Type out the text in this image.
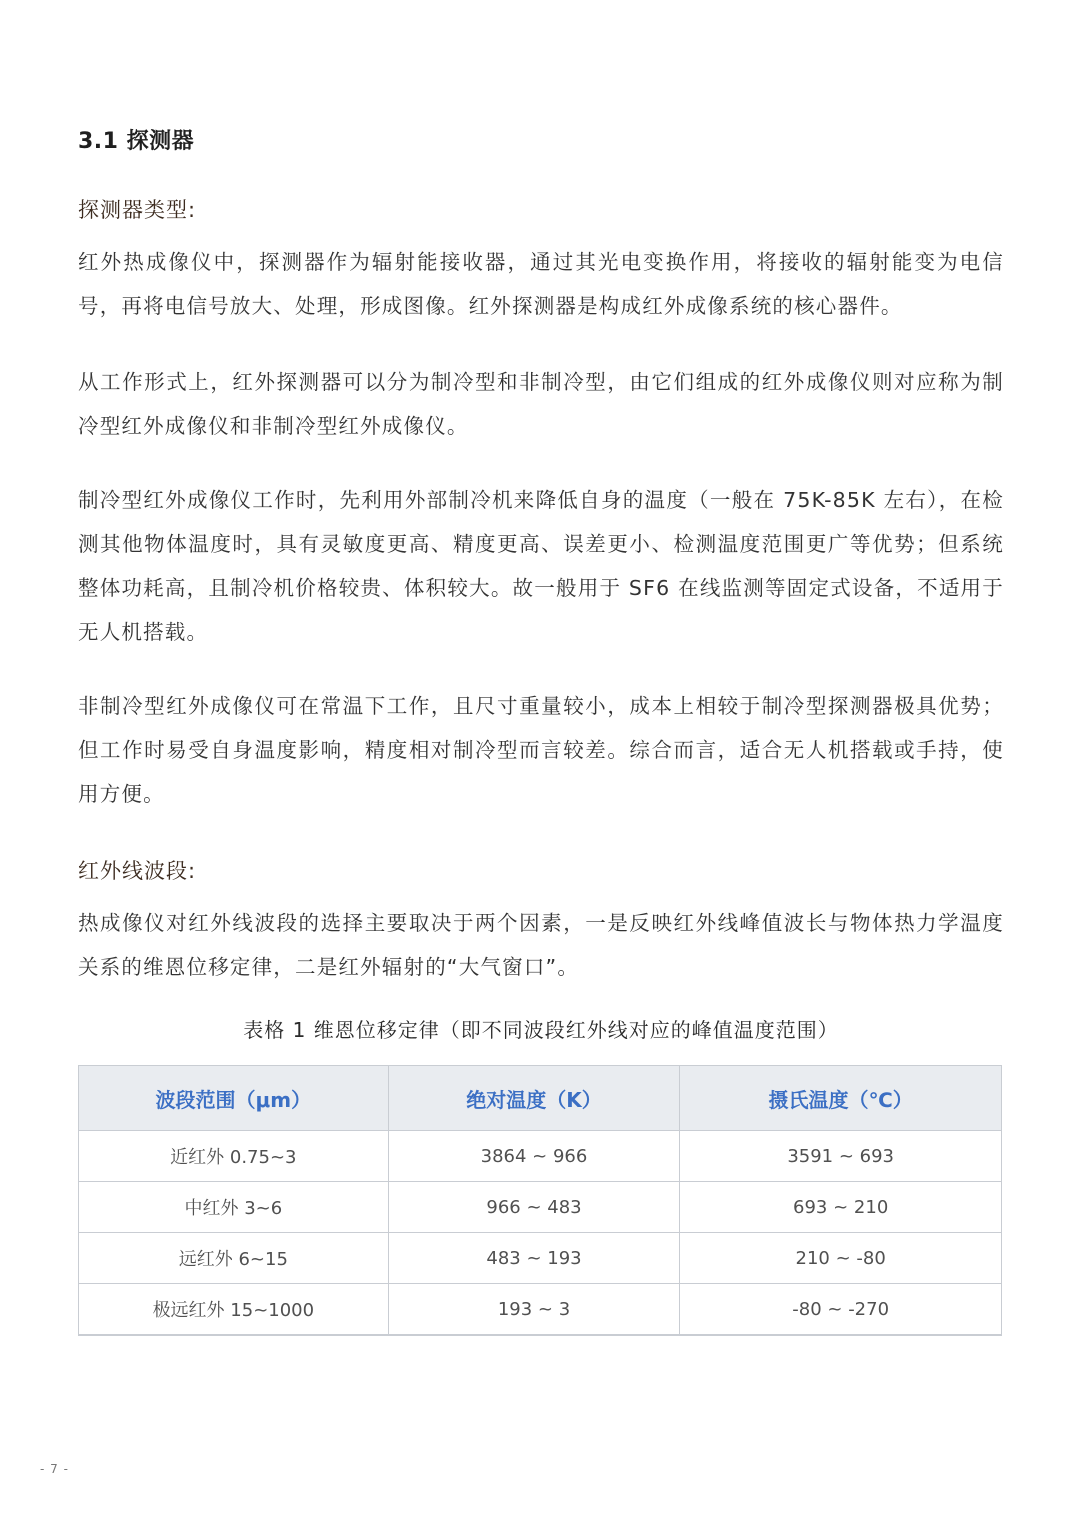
3.1 探测器
探测器类型:

红外热成像仪中，探测器作为辐射能接收器，通过其光电变换作用，将接收的辐射能变为电信号，再将电信号放大、处理，形成图像。红外探测器是构成红外成像系统的核心器件。

从工作形式上，红外探测器可以分为制冷型和非制冷型，由它们组成的红外成像仪则对应称为制冷型红外成像仪和非制冷型红外成像仪。

制冷型红外成像仪工作时，先利用外部制冷机来降低自身的温度（一般在 75K-85K 左右），在检测其他物体温度时，具有灵敏度更高、精度更高、误差更小、检测温度范围更广等优势；但系统整体功耗高，且制冷机价格较贵、体积较大。故一般用于 SF6 在线监测等固定式设备，不适用于无人机搭载。

非制冷型红外成像仪可在常温下工作，且尺寸重量较小，成本上相较于制冷型探测器极具优势；但工作时易受自身温度影响，精度相对制冷型而言较差。综合而言，适合无人机搭载或手持，使用方便。

红外线波段:

热成像仪对红外线波段的选择主要取决于两个因素，一是反映红外线峰值波长与物体热力学温度关系的维恩位移定律，二是红外辐射的“大气窗口”。

表格 1 维恩位移定律（即不同波段红外线对应的峰值温度范围）
波段范围（μm）	绝对温度（K）	摄氏温度（℃）
近红外 0.75~3	3864 ~ 966	3591 ~ 693
中红外 3~6	966 ~ 483	693 ~ 210
远红外 6~15	483 ~ 193	210 ~ -80
极远红外 15~1000	193 ~ 3	-80 ~ -270
- 7 -
